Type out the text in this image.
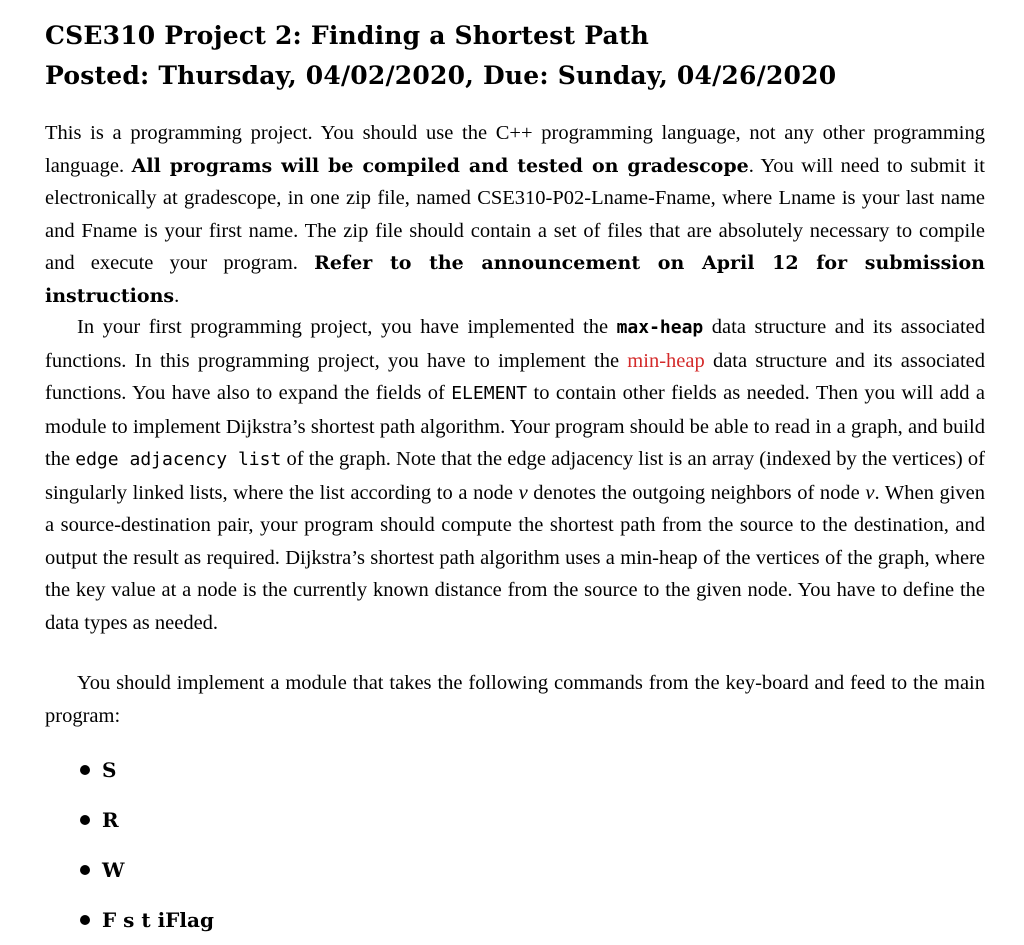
CSE310 Project 2: Finding a Shortest Path
Posted: Thursday, 04/02/2020, Due: Sunday, 04/26/2020

This is a programming project. You should use the C++ programming language, not any other programming language. All programs will be compiled and tested on gradescope. You will need to submit it electronically at gradescope, in one zip file, named CSE310-P02-Lname-Fname, where Lname is your last name and Fname is your first name. The zip file should contain a set of files that are absolutely necessary to compile and execute your program. Refer to the announcement on April 12 for submission instructions.

In your first programming project, you have implemented the max-heap data structure and its associated functions. In this programming project, you have to implement the min-heap data structure and its associated functions. You have also to expand the fields of ELEMENT to contain other fields as needed. Then you will add a module to implement Dijkstra’s shortest path algorithm. Your program should be able to read in a graph, and build the edge adjacency list of the graph. Note that the edge adjacency list is an array (indexed by the vertices) of singularly linked lists, where the list according to a node v denotes the outgoing neighbors of node v. When given a source-destination pair, your program should compute the shortest path from the source to the destination, and output the result as required. Dijkstra’s shortest path algorithm uses a min-heap of the vertices of the graph, where the key value at a node is the currently known distance from the source to the given node. You have to define the data types as needed.

You should implement a module that takes the following commands from the key-board and feed to the main program:

S
R
W
F s t iFlag
